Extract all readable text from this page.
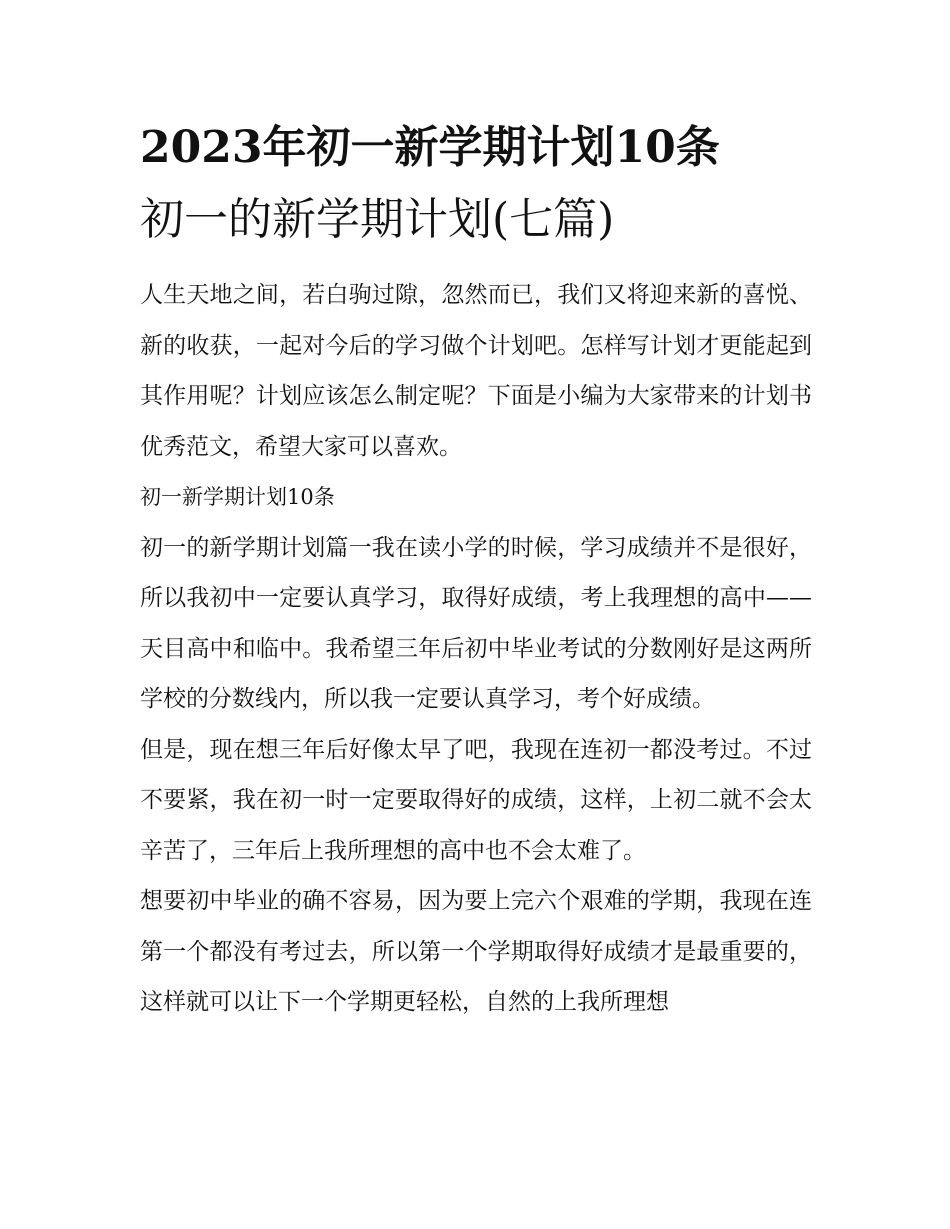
2023年初一新学期计划10条
初一的新学期计划(七篇)

人生天地之间，若白驹过隙，忽然而已，我们又将迎来新的喜悦、新的收获，一起对今后的学习做个计划吧。怎样写计划才更能起到其作用呢？计划应该怎么制定呢？下面是小编为大家带来的计划书优秀范文，希望大家可以喜欢。

初一新学期计划10条

初一的新学期计划篇一我在读小学的时候，学习成绩并不是很好，所以我初中一定要认真学习，取得好成绩，考上我理想的高中——天目高中和临中。我希望三年后初中毕业考试的分数刚好是这两所学校的分数线内，所以我一定要认真学习，考个好成绩。

但是，现在想三年后好像太早了吧，我现在连初一都没考过。不过不要紧，我在初一时一定要取得好的成绩，这样，上初二就不会太辛苦了，三年后上我所理想的高中也不会太难了。

想要初中毕业的确不容易，因为要上完六个艰难的学期，我现在连第一个都没有考过去，所以第一个学期取得好成绩才是最重要的，这样就可以让下一个学期更轻松，自然的上我所理想
